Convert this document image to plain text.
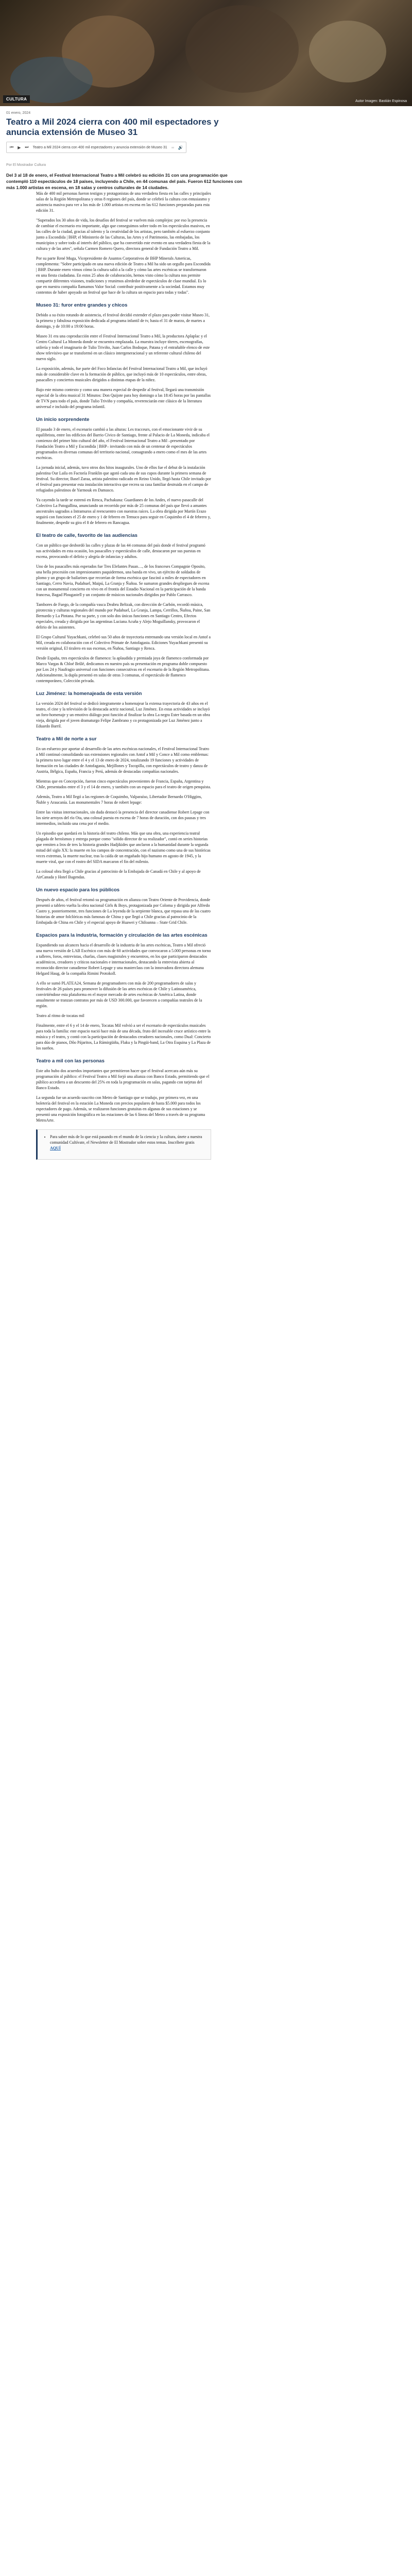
CULTURA	Autor Imagen: Bastián Espinosa
01 enero, 2024
Teatro a Mil 2024 cierra con 400 mil espectadores y anuncia extensión de Museo 31
⏮ ▶ ⏭ Teatro a Mil 2024 cierra con 400 mil espectadores y anuncia extensión de Museo 31	🔊
Por El Mostrador Cultura
Del 3 al 18 de enero, el Festival Internacional Teatro a Mil celebró su edición 31 con una programación que contempló 110 espectáculos de 18 países, incluyendo a Chile, en 44 comunas del país. Fueron 612 funciones con más 1.000 artistas en escena, en 18 salas y centros culturales de 14 ciudades.

Más de 400 mil personas fueron testigos y protagonistas de una verdadera fiesta en las calles y principales salas de la Región Metropolitana y otras 8 regiones del país, donde se celebró la cultura con entusiasmo y asistencia masiva para ver a los más de 1.000 artistas en escena en las 612 funciones preparadas para esta edición 31.

"Superados los 30 años de vida, los desafíos del festival se vuelven más complejos: por eso la presencia de cambiar el escenario era importante, algo que conseguimos sobre todo en los espectáculos masivos, en las calles de la ciudad, gracias al talento y la creatividad de los artistas, pero también al esfuerzo conjunto junto a Escondida | BHP, el Ministerio de las Culturas, las Artes y el Patrimonio, las embajadas, los municipios y sobre todo al interés del público, que ha convertido este evento en una verdadera fiesta de la cultura y de las artes", señala Carmen Romero Quero, directora general de Fundación Teatro a Mil.

Por su parte René Muga, Vicepresidente de Asuntos Corporativos de BHP Minerals Americas, complementa: "Sobre participado en una nueva edición de Teatro a Mil ha sido un orgullo para Escondida | BHP. Durante enero vimos cómo la cultura salió a la calle y cómo las artes escénicas se transformaron en una fiesta ciudadana. En estos 25 años de colaboración, hemos visto cómo la cultura nos permite compartir diferentes visiones, tradiciones y reunirnos alrededor de espectáculos de clase mundial. Es lo que en nuestra compañía llamamos Valor Social: contribuir positivamente a la sociedad. Estamos muy contentos de haber apoyado un festival que hace de la cultura un espacio para todas y todas".

Museo 31: furor entre grandes y chicos

Debido a su éxito rotundo de asistencia, el festival decidió extender el plazo para poder visitar Museo 31, la primera y fabulosa exposición dedicada al programa infantil de tv, hasta el 31 de marzo, de martes a domingo, y de 10:00 a 19:00 horas.

Museo 31 era una coproducción entre el Festival Internacional Teatro a Mil, la productora Aplaplac y el Centro Cultural La Moneda donde se encuentra emplazada. La muestra incluye títeres, escenografías, utilería y todo el imaginario de Tulio Triviño, Juan Carlos Bodoque, Patana y el entrañable elenco de este show televisivo que se transformó en un clásico intergeneracional y un referente cultural chileno del nuevo siglo.

La exposición, además, fue parte del Foco Infancias del Festival Internacional Teatro a Mil, que incluyó más de considerable clave en la formación de público, que incluyó más de 10 espectáculos, entre obras, pasacalles y conciertos musicales dirigidos a distintas etapas de la niñez.

Bajo este mismo contexto y como una manera especial de despedir al festival, llegará una transmisión especial de la obra musical 31 Minutos: Don Quijote para hoy domingo a las 18:45 horas por las pantallas de TVN para todo el país, donde Tulio Triviño y compañía, reverenciarán este clásico de la literatura universal e incluido del programa infantil.

Un inicio sorprendente

El pasado 3 de enero, el escenario cambió a las alturas: Les tracceurs, con el emocionante vivir de su equilibrista, entre los edificios del Barrio Cívico de Santiago, frente al Palacio de La Moneda, indicaba el comienzo del primer hito cultural del año, el Festival Internacional Teatro a Mil –presentado por Fundación Teatro a Mil y Escondida | BHP– invitando con más de un centenar de espectáculos programados en diversas comunas del territorio nacional, consagrando a enero como el mes de las artes escénicas.

La jornada inicial, además, tuvo otros dos hitos inaugurales. Uno de ellos fue el debut de la instalación palestina Our Laila en Factoría Franklin que agotó cada una de sus cupos durante la primera semana de festival. Su director, Basel Zaraa, artista palestino radicado en Reino Unido, llegó hasta Chile invitado por el festival para presentar esta instalación interactiva que recrea su casa familiar destruida en el campo de refugiados palestinos de Yarmouk en Damasco.

Ya cayendo la tarde se estrenó en Renca, Pachakuna: Guardianes de los Andes, el nuevo pasacalle del Colectivo La Patogallina, anunciando un recorrido por más de 25 comunas del país que llevó a amantes ancestrales sagrados a Intramuros al reencuentro con nuestras raíces. La obra dirigida por Martín Erazo seguirá con funciones el 25 de enero y 1 de febrero en Temuco para seguir en Coquimbo el 4 de febrero y, finalmente, despedir su gira el 8 de febrero en Rancagua.

El teatro de calle, favorito de las audiencias

Con un público que desbordó las calles y plazas de las 44 comunas del país donde el festival programó sus actividades en esta ocasión, los pasacalles y espectáculos de calle, destacaron por sus puestas en escena, provocando el delirio y alegría de infancias y adultos.

Uno de los pasacalles más esperados fue Tres Elefantes Pasan…, de los franceses Compagnie Oposito, una bella procesión con impresionantes paquidermos, una banda en vivo, un ejército de soldados de plomo y un grupo de bailarines que recorrían de forma escénica que fascinó a miles de espectadores en Santiago, Cerro Navia, Pudahuel, Maipú, La Granja y Ñuñoa. Se sumaron grandes despliegues de escena con un monumental concierto en vivo en el frontis del Estadio Nacional en la participación de la banda francesa, Bagad Plougastell y un conjunto de músicos nacionales dirigidos por Pablo Carrasco.

Tambores de Fuego, de la compañía vasca Deabru Beltzak, con dirección de Carbón, recordó música, pirotecnia y culturas regionales del mundo por Pudahuel, La Granja, Lampa, Cerrillos, Ñuñoa, Paine, San Bernardo y La Pintana. Por su parte, y con solo dos únicas funciones en Santiago Centro, Efectos especiales, creada y dirigida por las argentinas Luciana Acuña y Alejo Moguillansky, provocaron el delirio de los asistentes.

El Grupo Cultural Yuyachkani, celebró sus 50 años de trayectoria entrenando una versión local en Antof a Mil, creada en colaboración con el Colectivo Primate de Antofagasta. Ediciones Yuyachkani presentó su versión original, El tiralero en sus escenas, en Ñuñoa, Santiago y Renca.

Desde España, tres espectáculos de flamenco: la aplaudida y premiada joya de flamenco conformada por Marco Vargas & Chloé Brûlé, dedicamos en nuestro país su presentación en programa doble compuesto por Los 24 y Naufragio universal con funciones consecutivas en el escenario de la Región Metropolitana. Adicionalmente, la dupla presentó en salas de otras 3 comunas, el espectáculo de flamenco contemporáneo, Colección privada.

Luz Jiménez: la homenajeada de esta versión

La versión 2024 del festival se dedicó íntegramente a homenajear la extensa trayectoria de 43 años en el teatro, el cine y la televisión de la destacada actriz nacional, Luz Jiménez. En estas actividades se incluyó un foro-homenaje y un emotivo diálogo post función al finalizar la obra La negra Ester basada en un obra vieja, dirigida por el joven dramaturgo Felipe Zambrano y co protagonizada por Luz Jiménez junto a Eduardo Barril.

Teatro a Mil de norte a sur

En un esfuerzo por aportar al desarrollo de las artes escénicas nacionales, el Festival Internacional Teatro a Mil continuó consolidando sus extensiones regionales con Antof a Mil y Conce a Mil como emblemas: la primera tuvo lugar entre el 4 y el 13 de enero de 2024, totalizando 19 funciones y actividades de formación en las ciudades de Antofagasta, Mejillones y Tocopilla, con espectáculos de teatro y danza de Austria, Bélgica, España, Francia y Perú, además de destacadas compañías nacionales.

Mientras que en Concepción, fueron cinco espectáculos provenientes de Francia, España, Argentina y Chile, presentados entre el 3 y el 14 de enero, y también con un espacio para el teatro de origen penquista.

Además, Teatro a Mil llegó a las regiones de Coquimbo, Valparaíso, Libertador Bernardo O'Higgins, Ñuble y Araucanía. Las monumentales 7 horas de robert lepage:

Entre las visitas internacionales, sin duda destacó la presencia del director canadiense Robert Lepage con los siete arroyos del río Ota, una colosal puesta en escena de 7 horas de duración, con dos pausas y tres intermedios, incluido una cena por el medio.

Un episodio que quedará en la historia del teatro chileno. Más que una obra, una experiencia teatral plagada de heroísmos y entrega porque como "sólido director de su realizador", contó en series historias que remiten a Iros de tres la historia grandes Hadjikides que anclaron a la humanidad durante la segunda mitad del siglo XX: la muerte en los campos de concentración, con el nazismo como una de sus históricas veces extremas, la muerte nuclear, tras la caída de un engañado hijo humano en agosto de 1945, y la muerte viral, que con el rostro del SIDA marcaron el fin del milenio.

La colosal obra llegó a Chile gracias al patrocinio de la Embajada de Canadá en Chile y al apoyo de AirCanada y Hotel Bagendas.

Un nuevo espacio para los públicos

Después de años, el festival retomó su programación en alianza con Teatro Oriente de Providencia, donde presentó a tablero vuelta la obra nacional Girls & Boys, protagonizada por Coloma y dirigida por Alfredo Castro y, posteriormente, tres funciones de La leyenda de la serpiente blanca, que repasa una de las cuatro historias de amor folclóricas más famosas de China y que llegó a Chile gracias al patrocinio de la Embajada de China en Chile y el especial apoyo de Huawei y Chiloanna – State Grid Chile.

Espacios para la industria, formación y circulación de las artes escénicas

Expandiendo sus alcances hacia el desarrollo de la industria de las artes escénicas, Teatro a Mil ofreció una nueva versión de LAB Escénico con más de 60 actividades que convocaron a 5.000 personas en torno a talleres, foros, entrevistas, charlas, clases magistrales y encuentros, en los que participaron destacados académicos, creadores y críticos nacionales e internacionales, destacando la entrevista abierta al reconocido director canadiense Robert Lepage y una masterclass con la innovadora directora alemana Helgard Haug, de la compañía Rimini Protokoll.

A ello se sumó PLATEA24, Semana de programadores con más de 200 programadores de salas y festivales de 26 países para promover la difusión de las artes escénicas de Chile y Latinoamérica, convirtiéndose esta plataforma en el mayor mercado de artes escénicas de América Latina, donde anualmente se tranzan contratos por más de USD 300.000, que favorecen a compañías teatrales de la región.

Teatro al ritmo de tocatas mil

Finalmente, entre el 6 y el 14 de enero, Tocatas Mil volvió a ser el escenario de espectáculos musicales para toda la familia: este espacio nació hace más de una década, fruto del incesable cruce artístico entre la música y el teatro, y contó con la participación de destacados creadores nacionales, como Dual: Concierto para dúo de pianos, Dôo Pájaritos, La Rámirgüiña, Flaku y la Pingüi-band, La Otra Esquina y La Plaza de los sueños.

Teatro a mil con las personas

Este año hubo dos acuerdos importantes que permitieron hacer que el festival acercara aún más su programación al público: el Festival Teatro a Mil forjó una alianza con Banco Estado, permitiendo que el público accediera a un descuento del 25% en toda la programación en salas, pagando con tarjetas del Banco Estado.

La segunda fue un acuerdo suscrito con Metro de Santiago que se tradujo, por primera vez, en una boletería del festival en la estación La Moneda con precios populares de hasta $5.000 para todos los espectadores de pago. Además, se realizaron funciones gratuitas en algunas de sus estaciones y se presentó una exposición fotográfica en las estaciones de las 6 líneas del Metro a través de su programa MetroArte.

• Para saber más de lo que está pasando en el mundo de la ciencia y la cultura, únete a nuestra comunidad Cultívate, el Newsletter de El Mostrador sobre estos temas. Inscríbete gratis AQUÍ
